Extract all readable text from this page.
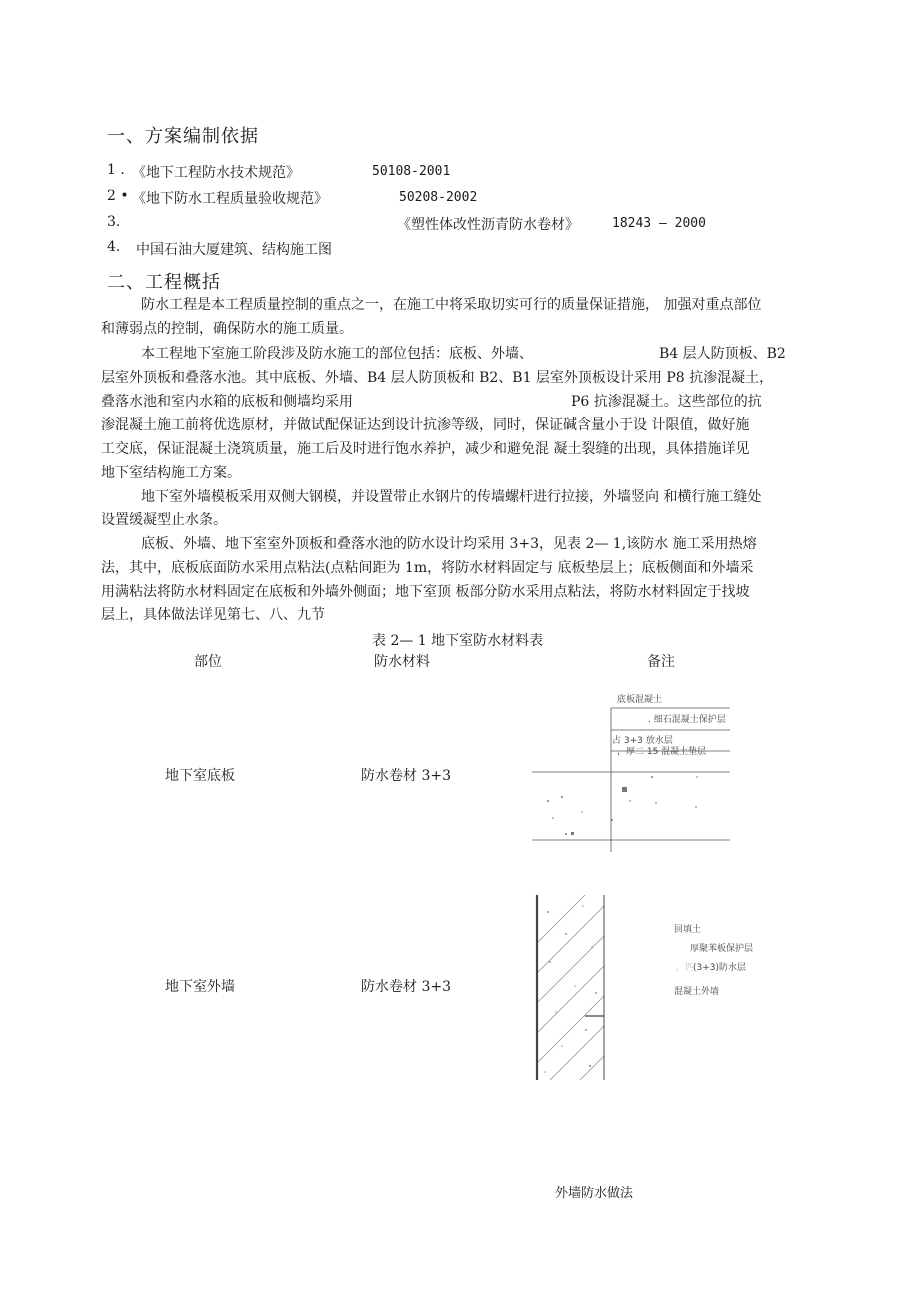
一、方案编制依据
1 . 《地下工程防水技术规范》	50108-2001
2 • 《地下防水工程质量验收规范》	50208-2002
3.	《塑性体改性沥青防水卷材》	18243 — 2000
4. 中国石油大厦建筑、结构施工图
二、工程概括
防水工程是本工程质量控制的重点之一，在施工中将采取切实可行的质量保证措施， 加强对重点部位
和薄弱点的控制，确保防水的施工质量。
本工程地下室施工阶段涉及防水施工的部位包括：底板、外墙、	B4 层人防顶板、B2
层室外顶板和叠落水池。其中底板、外墙、B4 层人防顶板和 B2、B1 层室外顶板设计采用 P8 抗渗混凝土，
叠落水池和室内水箱的底板和侧墙均采用	P6 抗渗混凝土。这些部位的抗
渗混凝土施工前将优选原材，并做试配保证达到设计抗渗等级，同时，保证碱含量小于设 计限值，做好施
工交底，保证混凝土浇筑质量，施工后及时进行饱水养护，减少和避免混 凝土裂缝的出现，具体措施详见
地下室结构施工方案。
地下室外墙模板采用双侧大钢模，并设置带止水钢片的传墙螺杆进行拉接，外墙竖向 和横行施工缝处
设置缓凝型止水条。
底板、外墙、地下室室外顶板和叠落水池的防水设计均采用 3+3，见表 2— 1,该防水 施工采用热熔
法，其中，底板底面防水采用点粘法(点粘间距为 1m，将防水材料固定与 底板垫层上；底板侧面和外墙采
用满粘法将防水材料固定在底板和外墙外侧面；地下室顶 板部分防水采用点粘法，将防水材料固定于找坡
层上，具体做法详见第七、八、九节
表 2— 1 地下室防水材料表
部位	防水材料	备注
地下室底板	防水卷材 3+3
地下室外墙	防水卷材 3+3
底板混凝土
. 细石混凝土保护层
占 3+3 放水层
，厚二 15 混凝土垫层
回填土
厚聚苯板保护层
，匹
(3+3)防水层
混凝土外墙
外墙防水做法
